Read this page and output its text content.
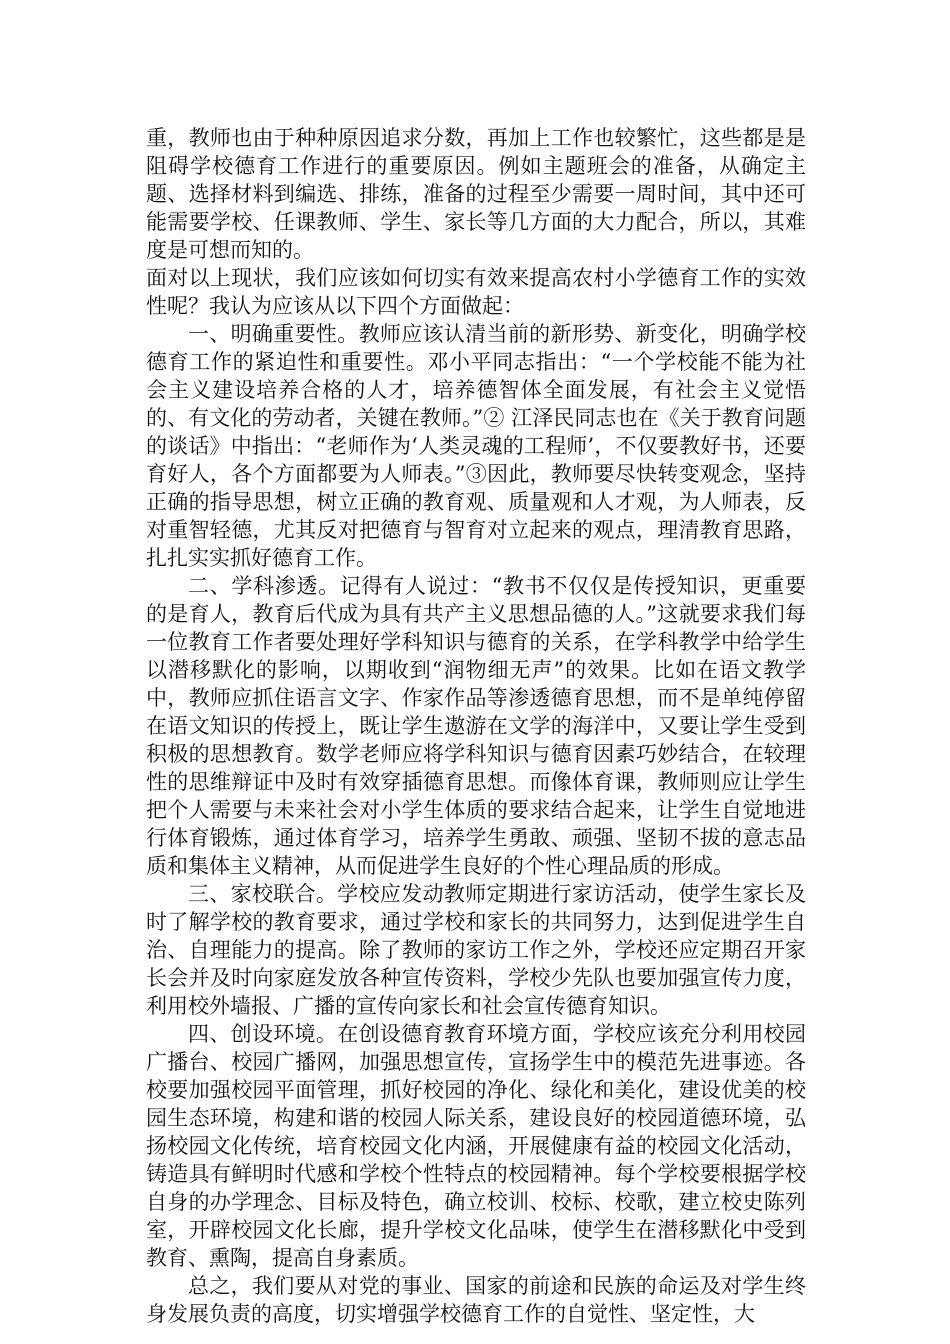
重，教师也由于种种原因追求分数，再加上工作也较繁忙，这些都是是阻碍学校德育工作进行的重要原因。例如主题班会的准备，从确定主题、选择材料到编选、排练，准备的过程至少需要一周时间，其中还可能需要学校、任课教师、学生、家长等几方面的大力配合，所以，其难度是可想而知的。

面对以上现状，我们应该如何切实有效来提高农村小学德育工作的实效性呢？我认为应该从以下四个方面做起：

一、明确重要性。教师应该认清当前的新形势、新变化，明确学校德育工作的紧迫性和重要性。邓小平同志指出：“一个学校能不能为社会主义建设培养合格的人才，培养德智体全面发展，有社会主义觉悟的、有文化的劳动者，关键在教师。”② 江泽民同志也在《关于教育问题的谈话》中指出：“老师作为‘人类灵魂的工程师’，不仅要教好书，还要育好人，各个方面都要为人师表。”③因此，教师要尽快转变观念，坚持正确的指导思想，树立正确的教育观、质量观和人才观，为人师表，反对重智轻德，尤其反对把德育与智育对立起来的观点，理清教育思路，扎扎实实抓好德育工作。

二、学科渗透。记得有人说过：“教书不仅仅是传授知识，更重要的是育人，教育后代成为具有共产主义思想品德的人。”这就要求我们每一位教育工作者要处理好学科知识与德育的关系，在学科教学中给学生以潜移默化的影响，以期收到“润物细无声”的效果。比如在语文教学中，教师应抓住语言文字、作家作品等渗透德育思想，而不是单纯停留在语文知识的传授上，既让学生遨游在文学的海洋中，又要让学生受到积极的思想教育。数学老师应将学科知识与德育因素巧妙结合，在较理性的思维辩证中及时有效穿插德育思想。而像体育课，教师则应让学生把个人需要与未来社会对小学生体质的要求结合起来，让学生自觉地进行体育锻炼，通过体育学习，培养学生勇敢、顽强、坚韧不拔的意志品质和集体主义精神，从而促进学生良好的个性心理品质的形成。

三、家校联合。学校应发动教师定期进行家访活动，使学生家长及时了解学校的教育要求，通过学校和家长的共同努力，达到促进学生自治、自理能力的提高。除了教师的家访工作之外，学校还应定期召开家长会并及时向家庭发放各种宣传资料，学校少先队也要加强宣传力度，利用校外墙报、广播的宣传向家长和社会宣传德育知识。

四、创设环境。在创设德育教育环境方面，学校应该充分利用校园广播台、校园广播网，加强思想宣传，宣扬学生中的模范先进事迹。各校要加强校园平面管理，抓好校园的净化、绿化和美化，建设优美的校园生态环境，构建和谐的校园人际关系，建设良好的校园道德环境，弘扬校园文化传统，培育校园文化内涵，开展健康有益的校园文化活动，铸造具有鲜明时代感和学校个性特点的校园精神。每个学校要根据学校自身的办学理念、目标及特色，确立校训、校标、校歌，建立校史陈列室，开辟校园文化长廊，提升学校文化品味，使学生在潜移默化中受到教育、熏陶，提高自身素质。

总之，我们要从对党的事业、国家的前途和民族的命运及对学生终身发展负责的高度，切实增强学校德育工作的自觉性、坚定性，大
